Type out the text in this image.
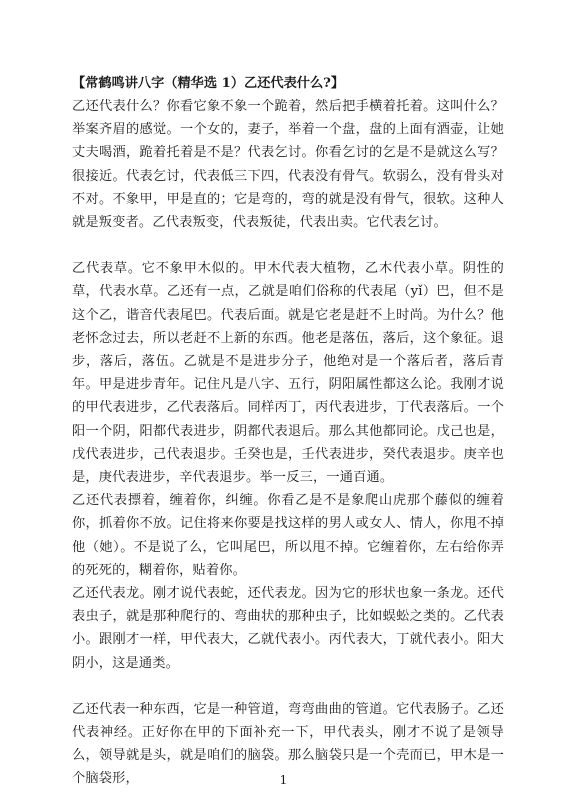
【常鹤鸣讲八字（精华选 1）乙还代表什么?】

乙还代表什么？你看它象不象一个跪着，然后把手横着托着。这叫什么？举案齐眉的感觉。一个女的，妻子，举着一个盘，盘的上面有酒壶，让她丈夫喝酒，跪着托着是不是？代表乞讨。你看乞讨的乞是不是就这么写？很接近。代表乞讨，代表低三下四，代表没有骨气。软弱么，没有骨头对不对。不象甲，甲是直的；它是弯的，弯的就是没有骨气，很软。这种人就是叛变者。乙代表叛变，代表叛徒，代表出卖。它代表乞讨。

乙代表草。它不象甲木似的。甲木代表大植物，乙木代表小草。阴性的草，代表水草。乙还有一点，乙就是咱们俗称的代表尾（yǐ）巴，但不是这个乙，谐音代表尾巴。代表后面。就是它老是赶不上时尚。为什么？他老怀念过去，所以老赶不上新的东西。他老是落伍，落后，这个象征。退步，落后，落伍。乙就是不是进步分子，他绝对是一个落后者，落后青年。甲是进步青年。记住凡是八字、五行，阴阳属性都这么论。我刚才说的甲代表进步，乙代表落后。同样丙丁，丙代表进步，丁代表落后。一个阳一个阴，阳都代表进步，阴都代表退后。那么其他都同论。戊己也是，戊代表进步，己代表退步。壬癸也是，壬代表进步，癸代表退步。庚辛也是，庚代表进步，辛代表退步。举一反三，一通百通。

乙还代表摽着，缠着你，纠缠。你看乙是不是象爬山虎那个藤似的缠着你，抓着你不放。记住将来你要是找这样的男人或女人、情人，你甩不掉他（她）。不是说了么，它叫尾巴，所以甩不掉。它缠着你，左右给你弄的死死的，糊着你，贴着你。

乙还代表龙。刚才说代表蛇，还代表龙。因为它的形状也象一条龙。还代表虫子，就是那种爬行的、弯曲状的那种虫子，比如蜈蚣之类的。乙代表小。跟刚才一样，甲代表大，乙就代表小。丙代表大，丁就代表小。阳大阴小，这是通类。

乙还代表一种东西，它是一种管道，弯弯曲曲的管道。它代表肠子。乙还代表神经。正好你在甲的下面补充一下，甲代表头，刚才不说了是领导么，领导就是头，就是咱们的脑袋。那么脑袋只是一个壳而已，甲木是一个脑袋形，	1
